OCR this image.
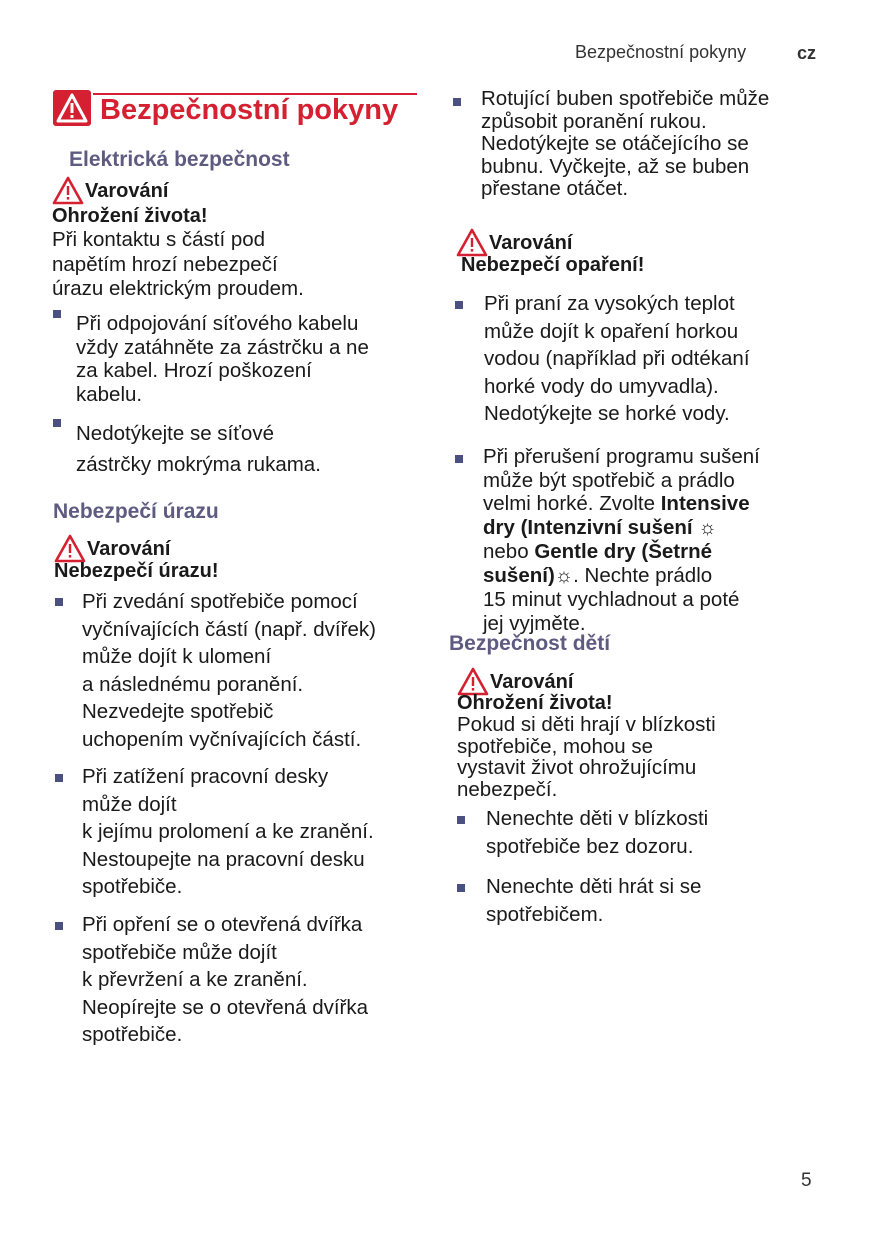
Bezpečnostní pokyny	cz
Bezpečnostní pokyny
Elektrická bezpečnost
Varování
Ohrožení života!
Při kontaktu s částí pod
napětím hrozí nebezpečí
úrazu elektrickým proudem.
Při odpojování síťového kabelu
vždy zatáhněte za zástrčku a ne
za kabel. Hrozí poškození
kabelu.
Nedotýkejte se síťové
zástrčky mokrýma rukama.
Nebezpečí úrazu
Varování
Nebezpečí úrazu!
Při zvedání spotřebiče pomocí
vyčnívajících částí (např. dvířek)
může dojít k ulomení
a následnému poranění.
Nezvedejte spotřebič
uchopením vyčnívajících částí.
Při zatížení pracovní desky
může dojít
k jejímu prolomení a ke zranění.
Nestoupejte na pracovní desku
spotřebiče.
Při opření se o otevřená dvířka
spotřebiče může dojít
k převržení a ke zranění.
Neopírejte se o otevřená dvířka
spotřebiče.
Rotující buben spotřebiče může
způsobit poranění rukou.
Nedotýkejte se otáčejícího se
bubnu. Vyčkejte, až se buben
přestane otáčet.
Varování
Nebezpečí opaření!
Při praní za vysokých teplot
může dojít k opaření horkou
vodou (například při odtékaní
horké vody do umyvadla).
Nedotýkejte se horké vody.
Při přerušení programu sušení
může být spotřebič a prádlo
velmi horké. Zvolte Intensive
dry (Intenzivní sušení ☼
nebo Gentle dry (Šetrné
sušení)☼. Nechte prádlo
15 minut vychladnout a poté
jej vyjměte.
Bezpečnost dětí
Varování
Ohrožení života!
Pokud si děti hrají v blízkosti
spotřebiče, mohou se
vystavit život ohrožujícímu
nebezpečí.
Nenechte děti v blízkosti
spotřebiče bez dozoru.
Nenechte děti hrát si se
spotřebičem.
5
